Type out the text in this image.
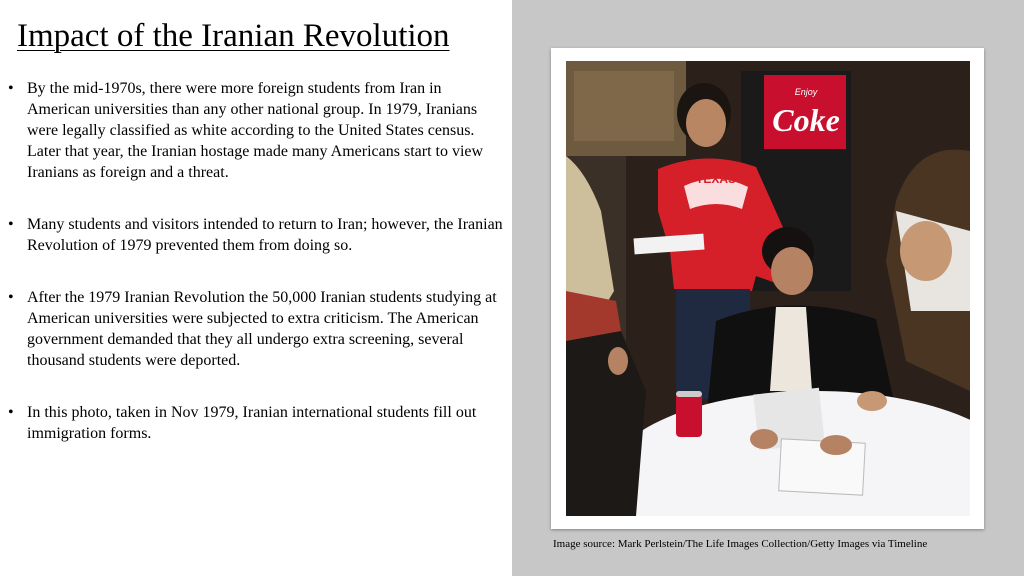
Impact of the Iranian Revolution
• By the mid-1970s, there were more foreign students from Iran in American universities than any other national group. In 1979, Iranians were legally classified as white according to the United States census. Later that year, the Iranian hostage made many Americans start to view Iranians as foreign and a threat.
• Many students and visitors intended to return to Iran; however, the Iranian Revolution of 1979 prevented them from doing so.
• After the 1979 Iranian Revolution the 50,000 Iranian students studying at American universities were subjected to extra criticism. The American government demanded that they all undergo extra screening, several thousand students were deported.
• In this photo, taken in Nov 1979, Iranian international students fill out immigration forms.
Enjoy
Coke
TEXAS
Image source: Mark Perlstein/The Life Images Collection/Getty Images via Timeline
